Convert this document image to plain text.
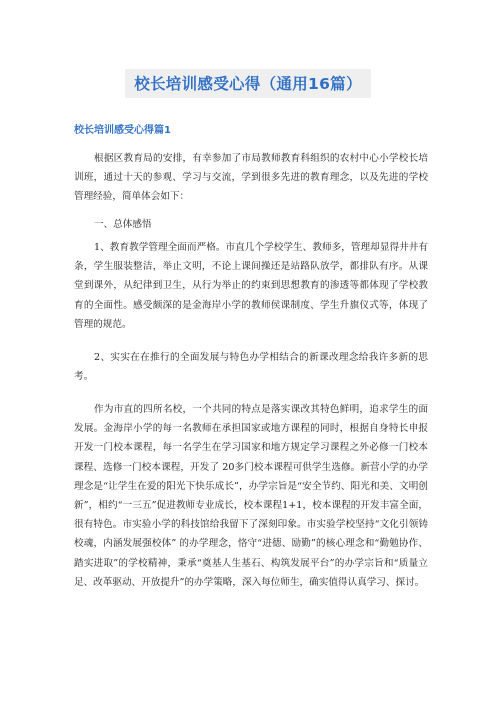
校长培训感受心得（通用16篇）
校长培训感受心得篇1

根据区教育局的安排，有幸参加了市局教师教育科组织的农村中心小学校长培训班，通过十天的参观、学习与交流，学到很多先进的教育理念，以及先进的学校管理经验，简单体会如下：

一、总体感悟

1、教育教学管理全面而严格。市直几个学校学生、教师多，管理却显得井井有条，学生服装整洁，举止文明，不论上课间操还是站路队放学，都排队有序。从课堂到课外，从纪律到卫生，从行为举止的约束到思想教育的渗透等都体现了学校教育的全面性。感受颇深的是金海岸小学的教师侯课制度、学生升旗仪式等，体现了管理的规范。

2、实实在在推行的全面发展与特色办学相结合的新课改理念给我许多新的思考。

作为市直的四所名校，一个共同的特点是落实课改其特色鲜明，追求学生的面发展。金海岸小学的每一名教师在承担国家或地方课程的同时，根据自身特长申报开发一门校本课程，每一名学生在学习国家和地方规定学习课程之外必修一门校本课程、选修一门校本课程，开发了 20多门校本课程可供学生选修。新营小学的办学理念是“让学生在爱的阳光下快乐成长”，办学宗旨是“安全节约、阳光和美、文明创新”，相约“一三五”促进教师专业成长，校本课程1+1，校本课程的开发丰富全面，很有特色。市实验小学的科技馆给我留下了深刻印象。市实验学校坚持“文化引领铸校魂，内涵发展强校体” 的办学理念，恪守“进德、励勤”的核心理念和“勤勉协作、踏实进取”的学校精神，秉承“奠基人生基石、构筑发展平台”的办学宗旨和“质量立足、改革驱动、开放提升”的办学策略，深入每位师生，确实值得认真学习、探讨。
